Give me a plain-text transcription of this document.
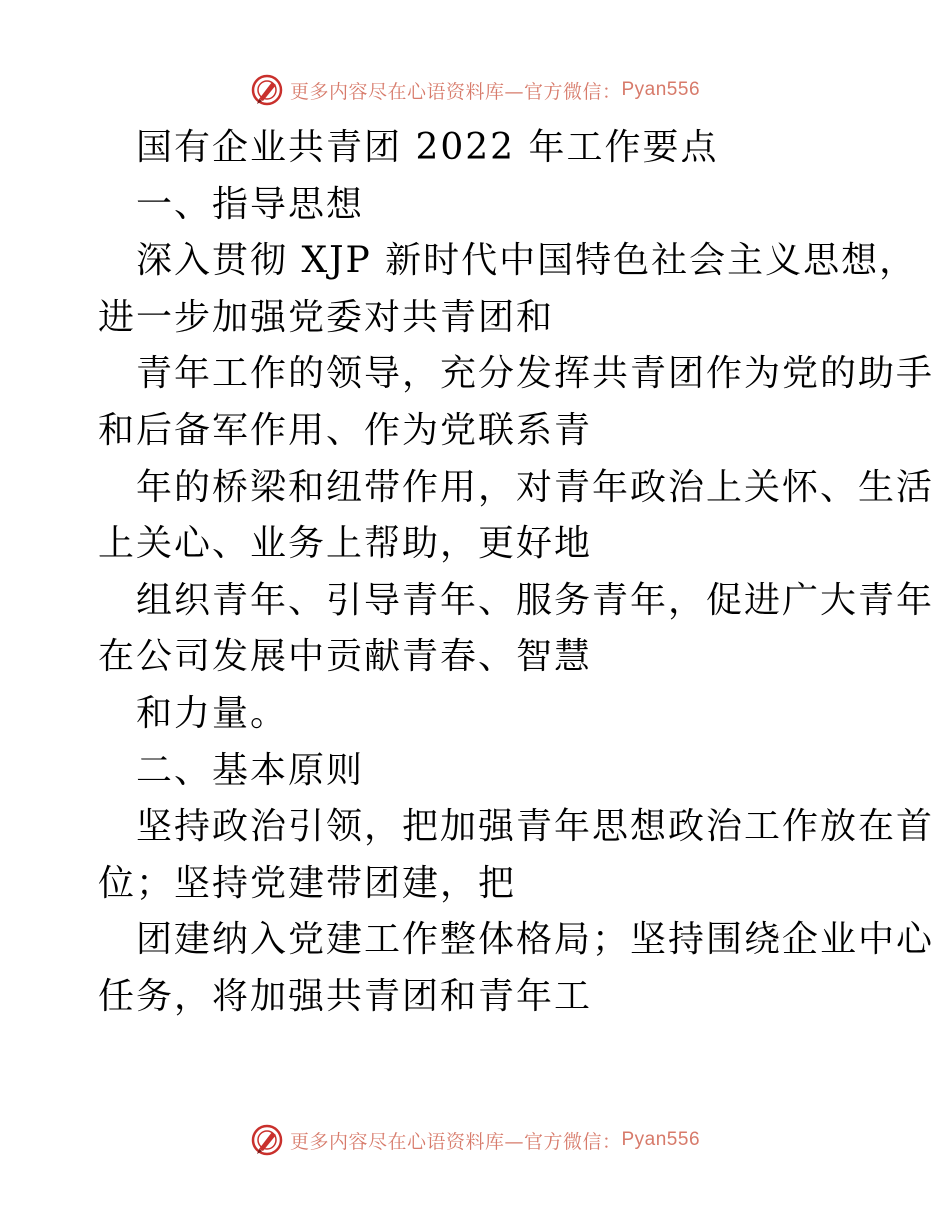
更多内容尽在心语资料库—官方微信： Pyan556
国有企业共青团 2022 年工作要点
一、指导思想
深入贯彻 XJP 新时代中国特色社会主义思想，
进一步加强党委对共青团和
青年工作的领导，充分发挥共青团作为党的助手
和后备军作用、作为党联系青
年的桥梁和纽带作用，对青年政治上关怀、生活
上关心、业务上帮助，更好地
组织青年、引导青年、服务青年，促进广大青年
在公司发展中贡献青春、智慧
和力量。
二、基本原则
坚持政治引领，把加强青年思想政治工作放在首
位；坚持党建带团建，把
团建纳入党建工作整体格局；坚持围绕企业中心
任务，将加强共青团和青年工
更多内容尽在心语资料库—官方微信： Pyan556
